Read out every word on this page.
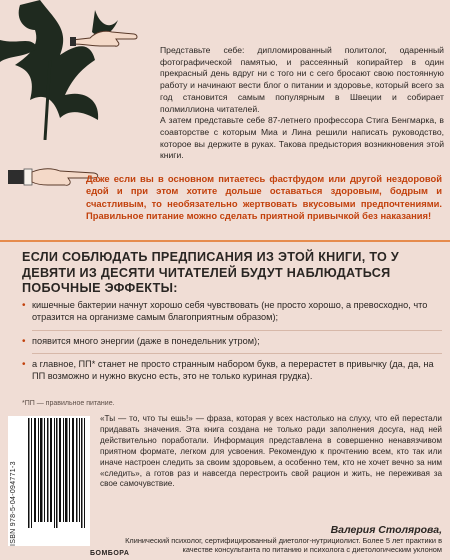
Представьте себе: дипломированный политолог, одаренный фотографической памятью, и рассеянный копирайтер в один прекрасный день вдруг ни с того ни с сего бросают свою постоянную работу и начинают вести блог о питании и здоровье, который всего за год становится самым популярным в Швеции и собирает полмиллиона читателей.

А затем представьте себе 87-летнего профессора Стига Бенгмарка, в соавторстве с которым Миа и Лина решили написать руководство, которое вы держите в руках. Такова предыстория возникновения этой книги.

Даже если вы в основном питаетесь фастфудом или другой нездоровой едой и при этом хотите дольше оставаться здоровым, бодрым и счастливым, то необязательно жертвовать вкусовыми предпочтениями. Правильное питание можно сделать приятной привычкой без наказания!
ЕСЛИ СОБЛЮДАТЬ ПРЕДПИСАНИЯ ИЗ ЭТОЙ КНИГИ, ТО У ДЕВЯТИ ИЗ ДЕСЯТИ ЧИТАТЕЛЕЙ БУДУТ НАБЛЮДАТЬСЯ ПОБОЧНЫЕ ЭФФЕКТЫ:
• кишечные бактерии начнут хорошо себя чувствовать (не просто хорошо, а превосходно, что отразится на организме самым благоприятным образом);
• появится много энергии (даже в понедельник утром);
• а главное, ПП* станет не просто странным набором букв, а перерастет в привычку (да, да, на ПП возможно и нужно вкусно есть, это не только куриная грудка).
*ПП — правильное питание.
ISBN 978-5-04-094771-3
«Ты — то, что ты ешь!» — фраза, которая у всех настолько на слуху, что ей перестали придавать значения. Эта книга создана не только ради заполнения досуга, над ней действительно поработали. Информация представлена в совершенно ненавязчивом приятном формате, легком для усвоения. Рекомендую к прочтению всем, кто так или иначе настроен следить за своим здоровьем, а особенно тем, кто не хочет вечно за ним «следить», а готов раз и навсегда перестроить свой рацион и жить, не переживая за свое самочувствие.
Валерия Столярова,
Клинический психолог, сертифицированный диетолог-нутрициолист. Более 5 лет практики в качестве консультанта по питанию и психолога с диетологическим уклоном
БОМБОРА
